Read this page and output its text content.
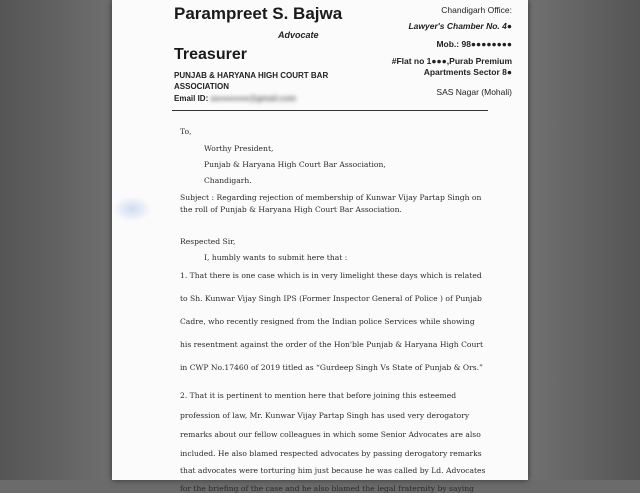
Parampreet S. Bajwa
Advocate
Treasurer
PUNJAB & HARYANA HIGH COURT BAR ASSOCIATION
Email ID: a●●●●●●●@gmail.com
Chandigarh Office:
Lawyer's Chamber No. 4●
Mob.: 98●●●●●●●●
#Flat no 1●●●,Purab Premium Apartments Sector 8●
SAS Nagar (Mohali)
To,
Worthy President,
Punjab & Haryana High Court Bar Association,
Chandigarh.
Subject : Regarding rejection of membership of Kunwar Vijay Partap Singh on
the roll of Punjab & Haryana High Court Bar Association.
Respected Sir,
I, humbly wants to submit here that :
1. That there is one case which is in very limelight these days which is related
to Sh. Kunwar Vijay Singh IPS (Former Inspector General of Police ) of Punjab
Cadre, who recently resigned from the Indian police Services while showing
his resentment against the order of the Hon'ble Punjab & Haryana High Court
in CWP No.17460 of 2019 titled as “Gurdeep Singh Vs State of Punjab & Ors.”
2. That it is pertinent to mention here that before joining this esteemed
profession of law, Mr. Kunwar Vijay Partap Singh has used very derogatory
remarks about our fellow colleagues in which some Senior Advocates are also
included. He also blamed respected advocates by passing derogatory remarks
that advocates were torturing him just because he was called by Ld. Advocates
for the briefing of the case and he also blamed the legal fraternity by saying
